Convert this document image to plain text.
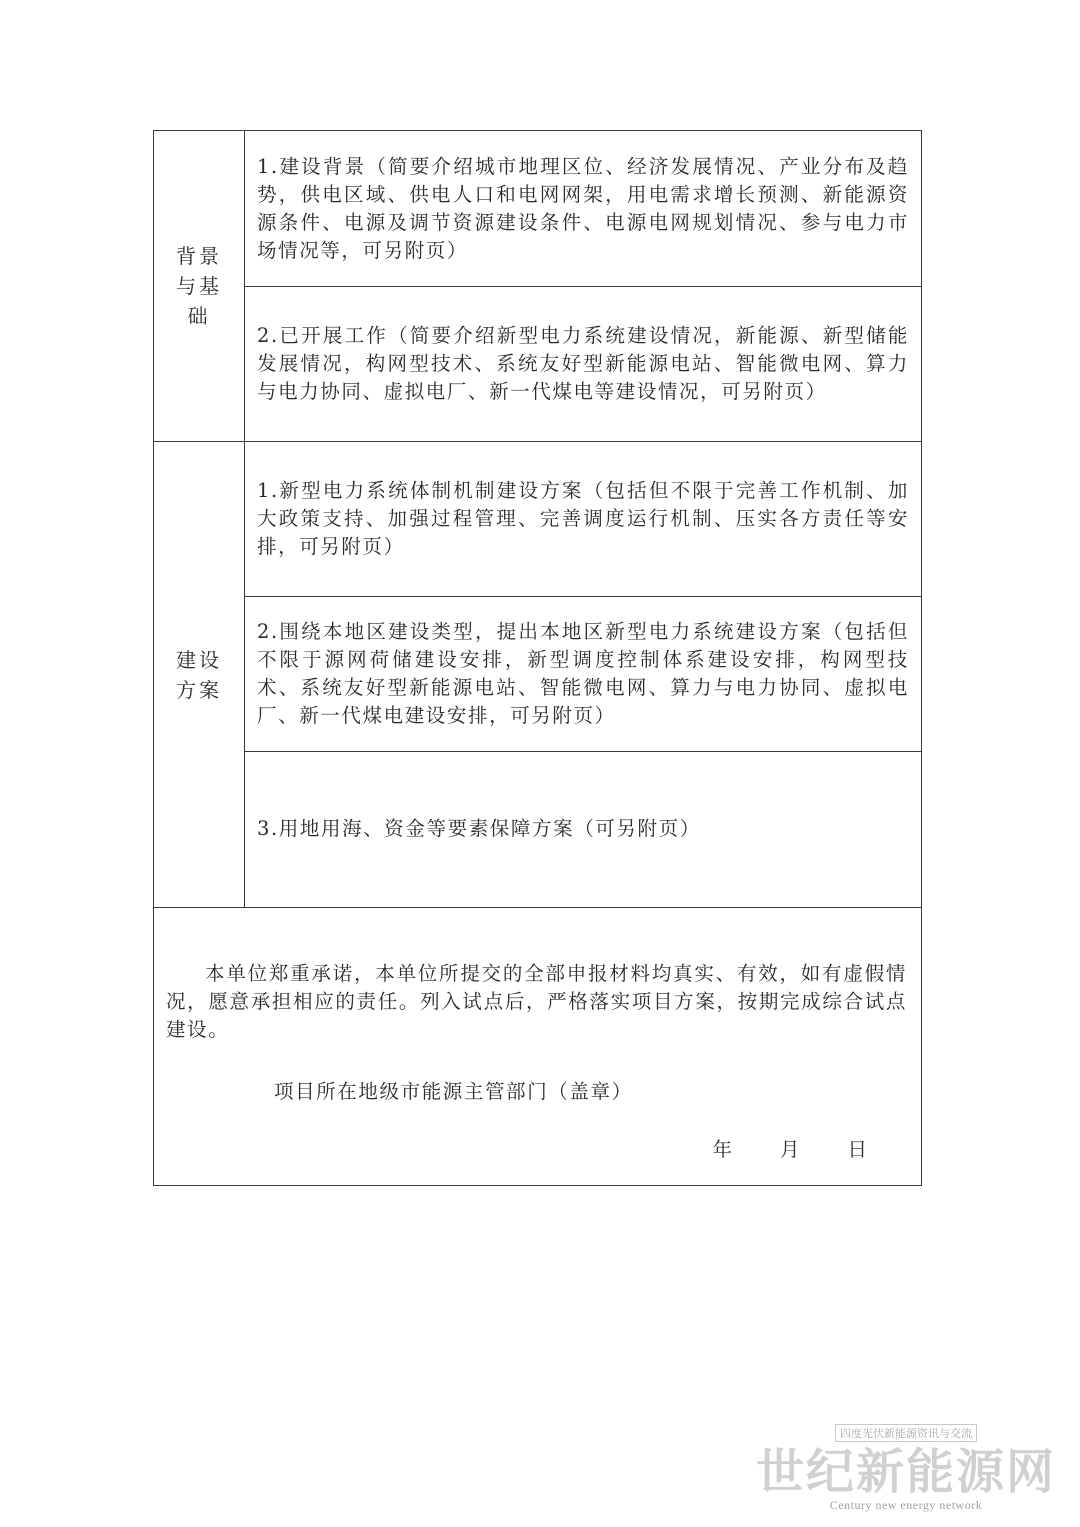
背景与基础

1.建设背景（简要介绍城市地理区位、经济发展情况、产业分布及趋势，供电区域、供电人口和电网网架，用电需求增长预测、新能源资源条件、电源及调节资源建设条件、电源电网规划情况、参与电力市场情况等，可另附页）

2.已开展工作（简要介绍新型电力系统建设情况，新能源、新型储能发展情况，构网型技术、系统友好型新能源电站、智能微电网、算力与电力协同、虚拟电厂、新一代煤电等建设情况，可另附页）

建设方案

1.新型电力系统体制机制建设方案（包括但不限于完善工作机制、加大政策支持、加强过程管理、完善调度运行机制、压实各方责任等安排，可另附页）

2.围绕本地区建设类型，提出本地区新型电力系统建设方案（包括但不限于源网荷储建设安排，新型调度控制体系建设安排，构网型技术、系统友好型新能源电站、智能微电网、算力与电力协同、虚拟电厂、新一代煤电建设安排，可另附页）

3.用地用海、资金等要素保障方案（可另附页）

本单位郑重承诺，本单位所提交的全部申报材料均真实、有效，如有虚假情况，愿意承担相应的责任。列入试点后，严格落实项目方案，按期完成综合试点建设。

项目所在地级市能源主管部门（盖章）

年 月 日
四度光伏新能源资讯与交流
世纪新能源网
Century new energy network
